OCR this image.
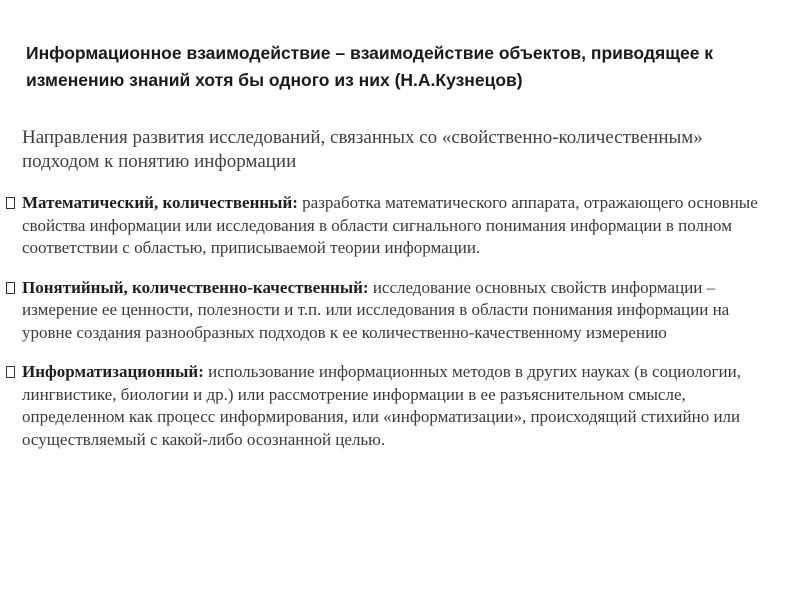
Информационное взаимодействие – взаимодействие объектов, приводящее к изменению знаний хотя бы одного из них (Н.А.Кузнецов)

Направления развития исследований, связанных со «свойственно-количественным» подходом к понятию информации

Математический, количественный: разработка математического аппарата, отражающего основные свойства информации или исследования в области сигнального понимания информации в полном соответствии с областью, приписываемой теории информации.
Понятийный, количественно-качественный: исследование основных свойств информации – измерение ее ценности, полезности и т.п. или исследования в области понимания информации на уровне создания разнообразных подходов к ее количественно-качественному измерению
Информатизационный: использование информационных методов в других науках (в социологии, лингвистике, биологии и др.) или рассмотрение информации в ее разъяснительном смысле, определенном как процесс информирования, или «информатизации», происходящий стихийно или осуществляемый с какой-либо осознанной целью.
